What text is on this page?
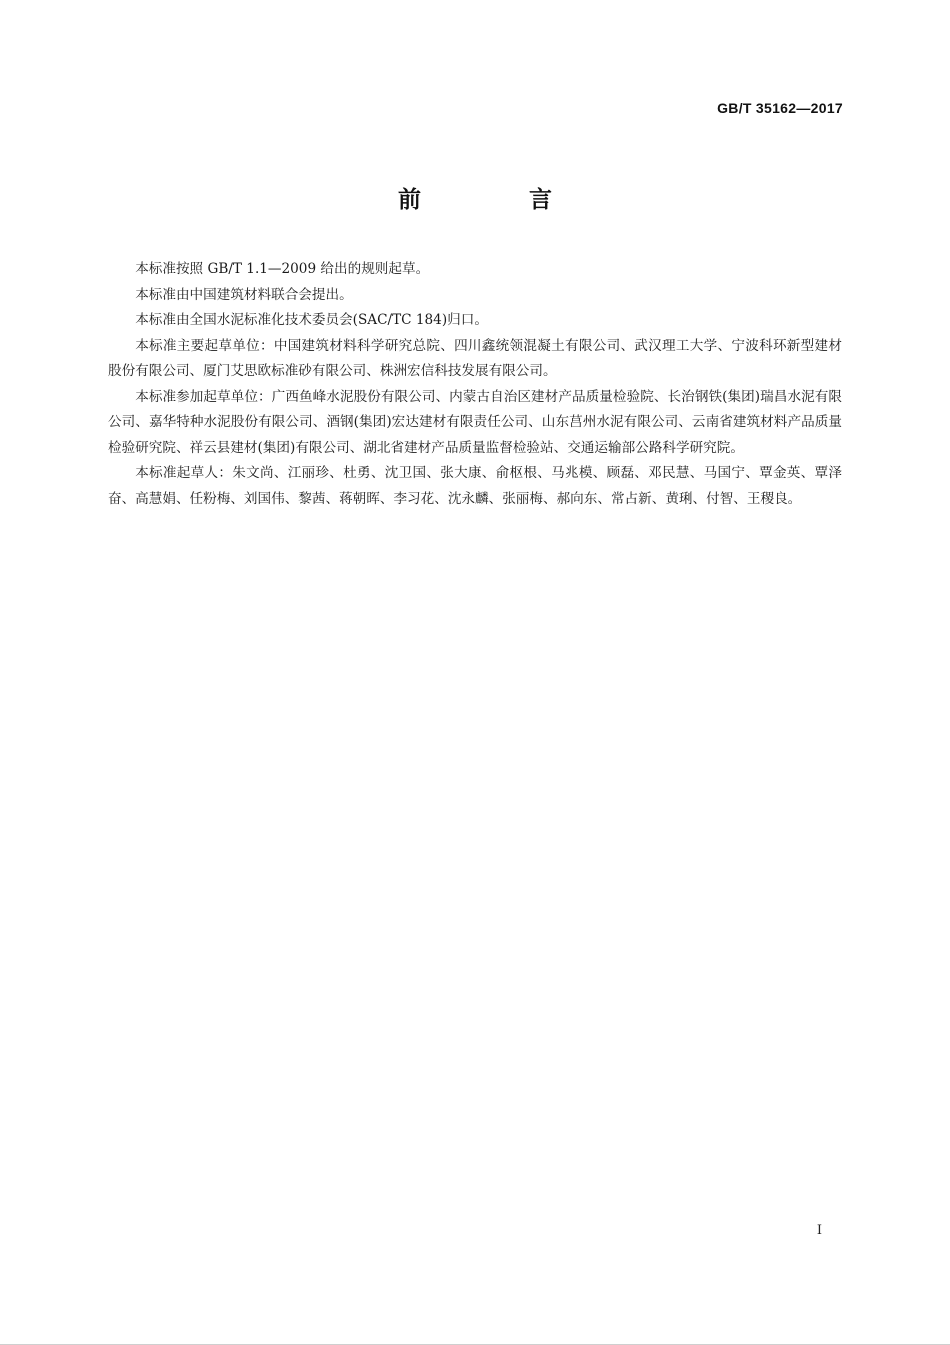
GB/T 35162—2017
前 言

本标准按照 GB/T 1.1—2009 给出的规则起草。

本标准由中国建筑材料联合会提出。

本标准由全国水泥标准化技术委员会(SAC/TC 184)归口。

本标准主要起草单位：中国建筑材料科学研究总院、四川鑫统领混凝土有限公司、武汉理工大学、宁波科环新型建材股份有限公司、厦门艾思欧标准砂有限公司、株洲宏信科技发展有限公司。

本标准参加起草单位：广西鱼峰水泥股份有限公司、内蒙古自治区建材产品质量检验院、长治钢铁(集团)瑞昌水泥有限公司、嘉华特种水泥股份有限公司、酒钢(集团)宏达建材有限责任公司、山东莒州水泥有限公司、云南省建筑材料产品质量检验研究院、祥云县建材(集团)有限公司、湖北省建材产品质量监督检验站、交通运输部公路科学研究院。

本标准起草人：朱文尚、江丽珍、杜勇、沈卫国、张大康、俞枢根、马兆模、顾磊、邓民慧、马国宁、覃金英、覃泽奋、高慧娟、任粉梅、刘国伟、黎茜、蒋朝晖、李习花、沈永麟、张丽梅、郝向东、常占新、黄琍、付智、王稷良。

I
